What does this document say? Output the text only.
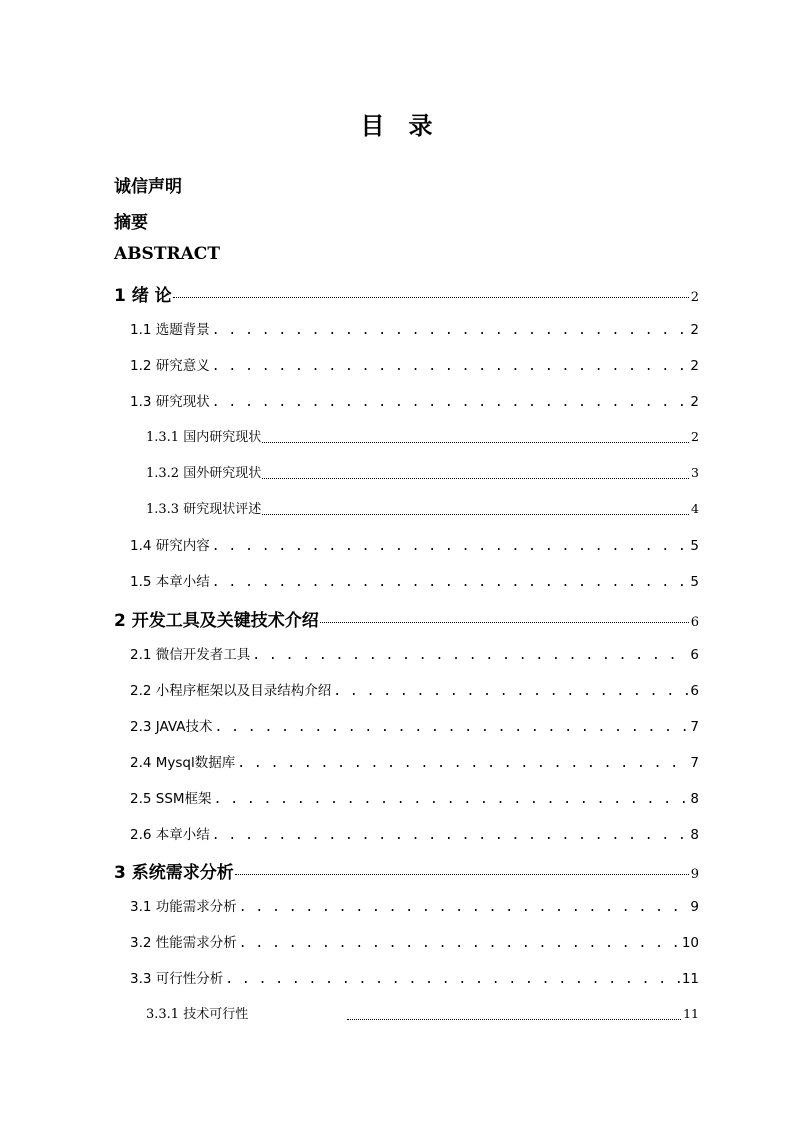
目　录
诚信声明
摘要
ABSTRACT
1 绪 论	2
1.1 选题背景 . . .	2
1.2 研究意义 . . .	2
1.3 研究现状 . . .	2
1.3.1 国内研究现状	2
1.3.2 国外研究现状	3
1.3.3 研究现状评述	4
1.4 研究内容 . . .	5
1.5 本章小结 . . .	5
2 开发工具及关键技术介绍	6
2.1 微信开发者工具 . . .	6
2.2 小程序框架以及目录结构介绍 . . .	6
2.3 JAVA技术 . . .	7
2.4 Mysql数据库 . . .	7
2.5 SSM框架 . . .	8
2.6 本章小结 . . .	8
3 系统需求分析	9
3.1 功能需求分析 . . .	9
3.2 性能需求分析 . . .	10
3.3 可行性分析 . . .	11
3.3.1 技术可行性	11
